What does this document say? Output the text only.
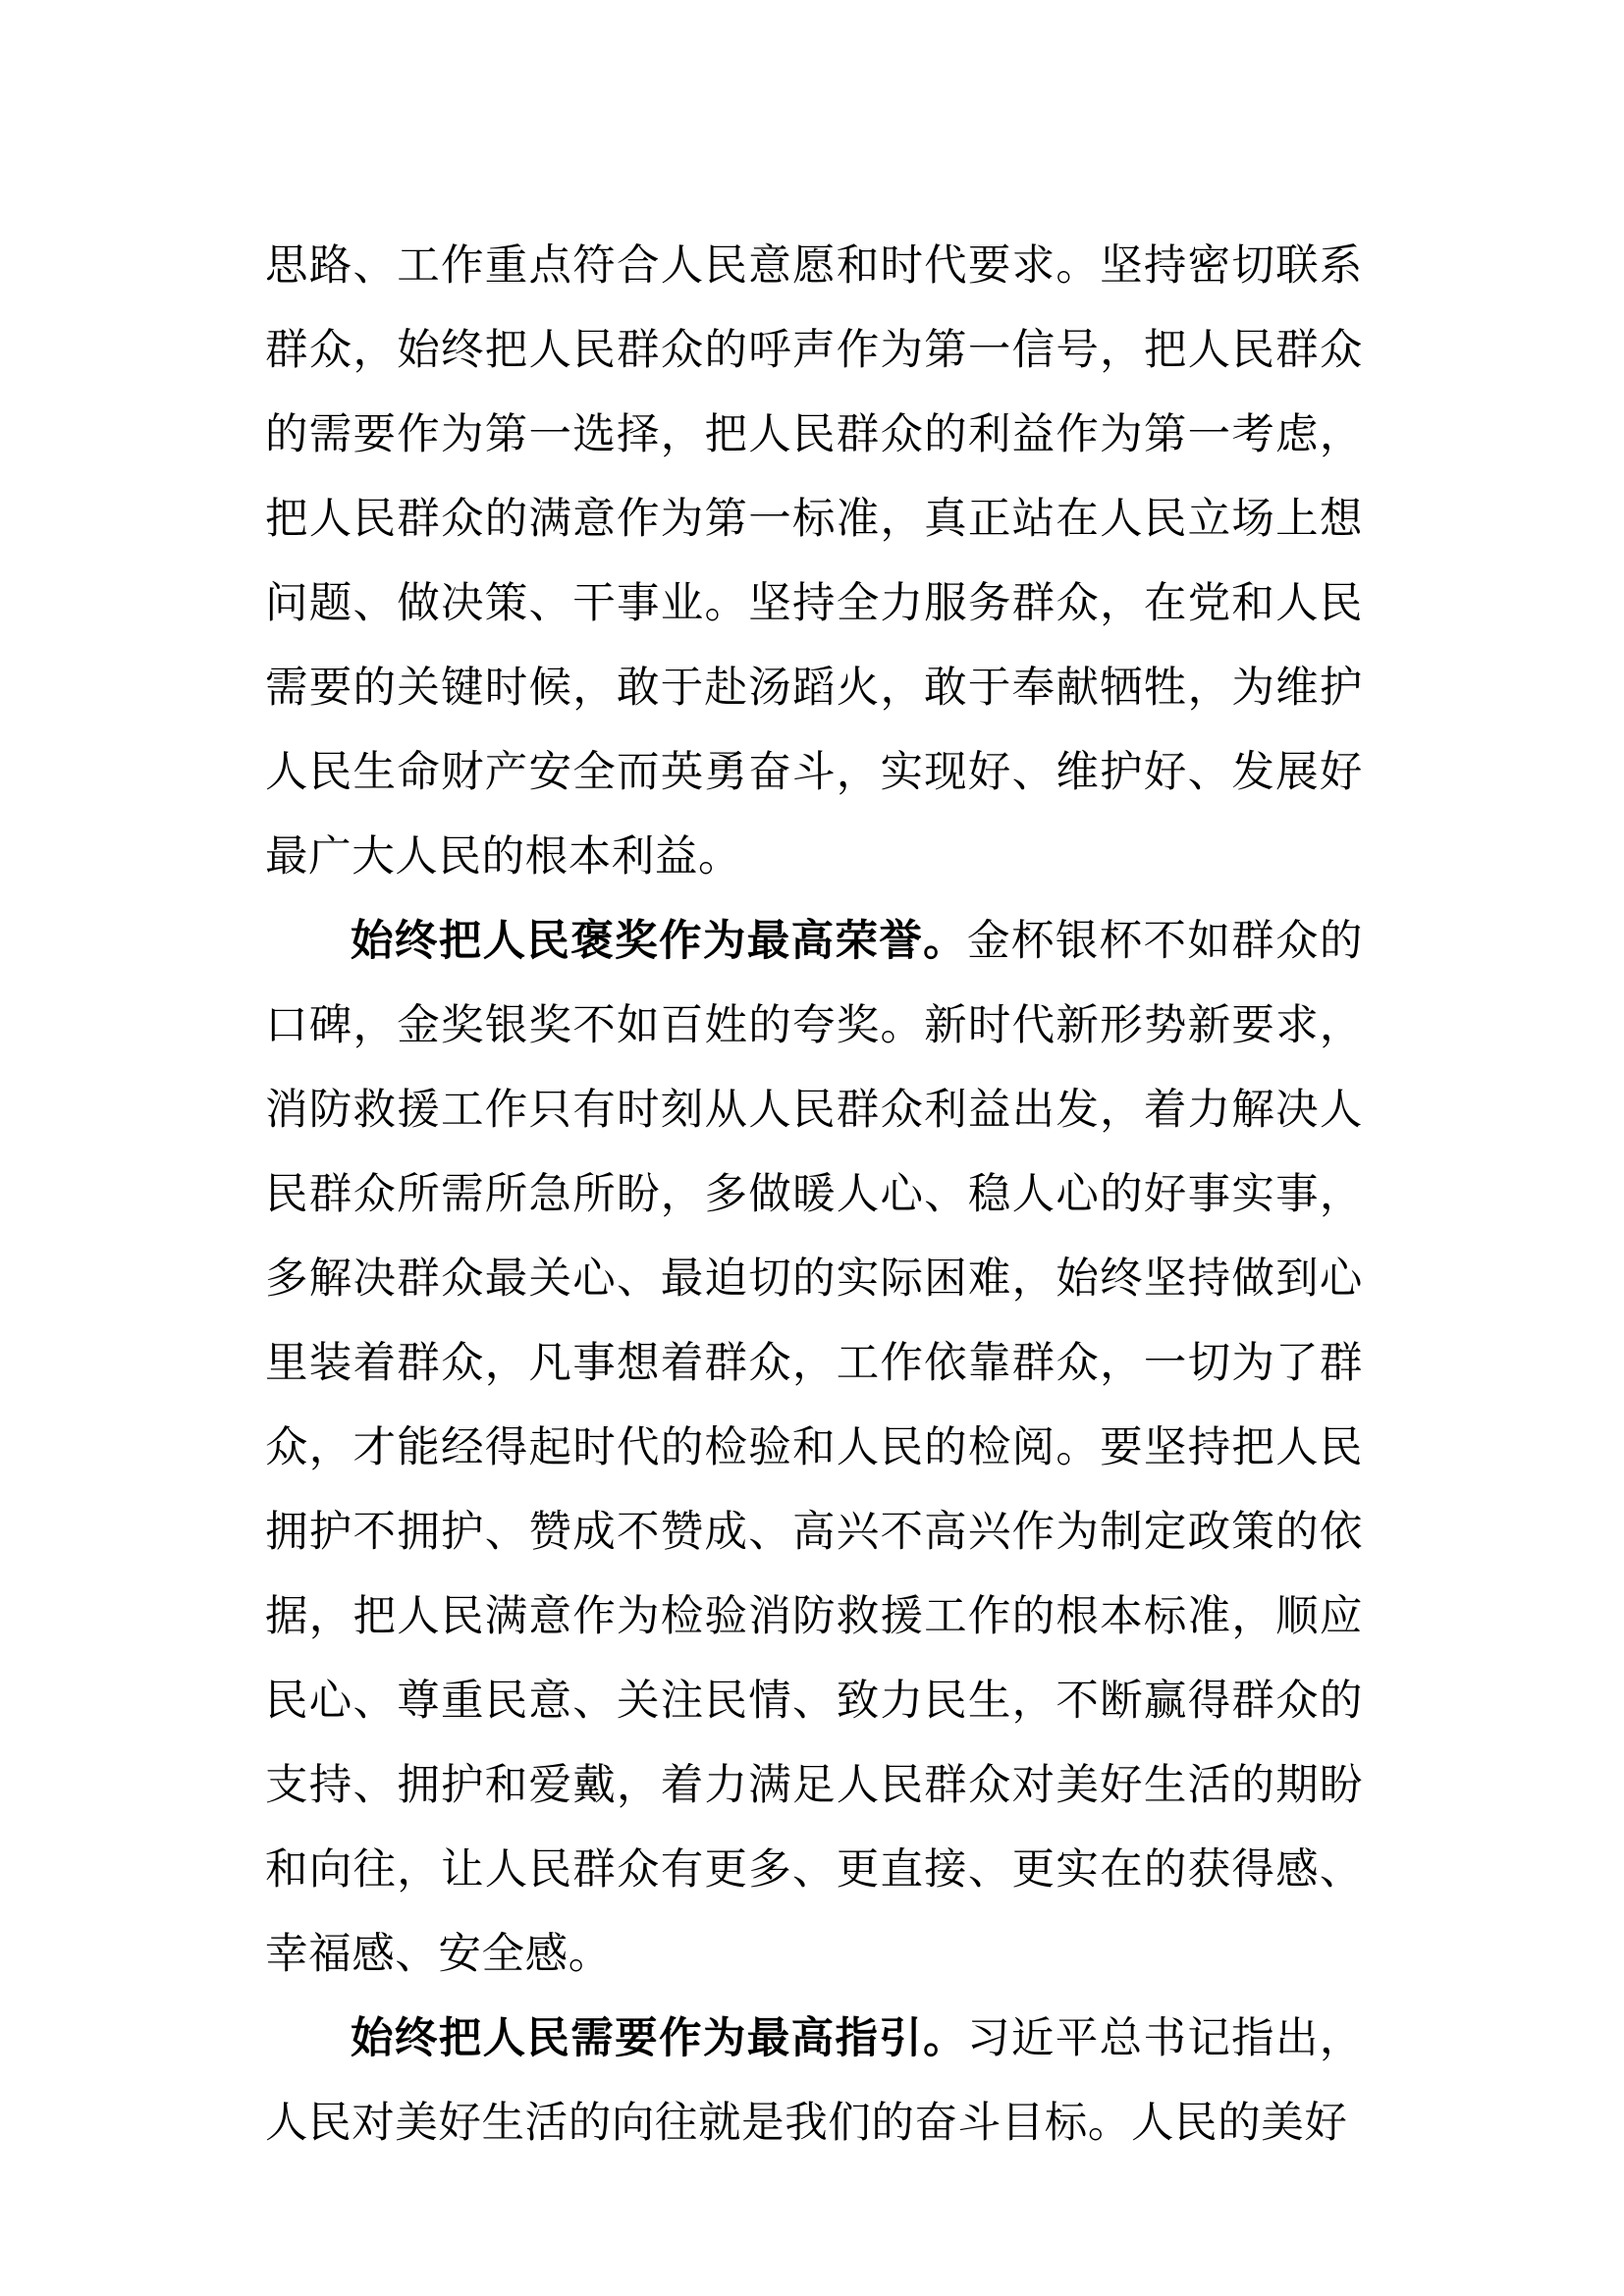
思路、工作重点符合人民意愿和时代要求。坚持密切联系群众，始终把人民群众的呼声作为第一信号，把人民群众的需要作为第一选择，把人民群众的利益作为第一考虑，把人民群众的满意作为第一标准，真正站在人民立场上想问题、做决策、干事业。坚持全力服务群众，在党和人民需要的关键时候，敢于赴汤蹈火，敢于奉献牺牲，为维护人民生命财产安全而英勇奋斗，实现好、维护好、发展好最广大人民的根本利益。

始终把人民褒奖作为最高荣誉。金杯银杯不如群众的口碑，金奖银奖不如百姓的夸奖。新时代新形势新要求，消防救援工作只有时刻从人民群众利益出发，着力解决人民群众所需所急所盼，多做暖人心、稳人心的好事实事，多解决群众最关心、最迫切的实际困难，始终坚持做到心里装着群众，凡事想着群众，工作依靠群众，一切为了群众，才能经得起时代的检验和人民的检阅。要坚持把人民拥护不拥护、赞成不赞成、高兴不高兴作为制定政策的依据，把人民满意作为检验消防救援工作的根本标准，顺应民心、尊重民意、关注民情、致力民生，不断赢得群众的支持、拥护和爱戴，着力满足人民群众对美好生活的期盼和向往，让人民群众有更多、更直接、更实在的获得感、幸福感、安全感。

始终把人民需要作为最高指引。习近平总书记指出，人民对美好生活的向往就是我们的奋斗目标。人民的美好
